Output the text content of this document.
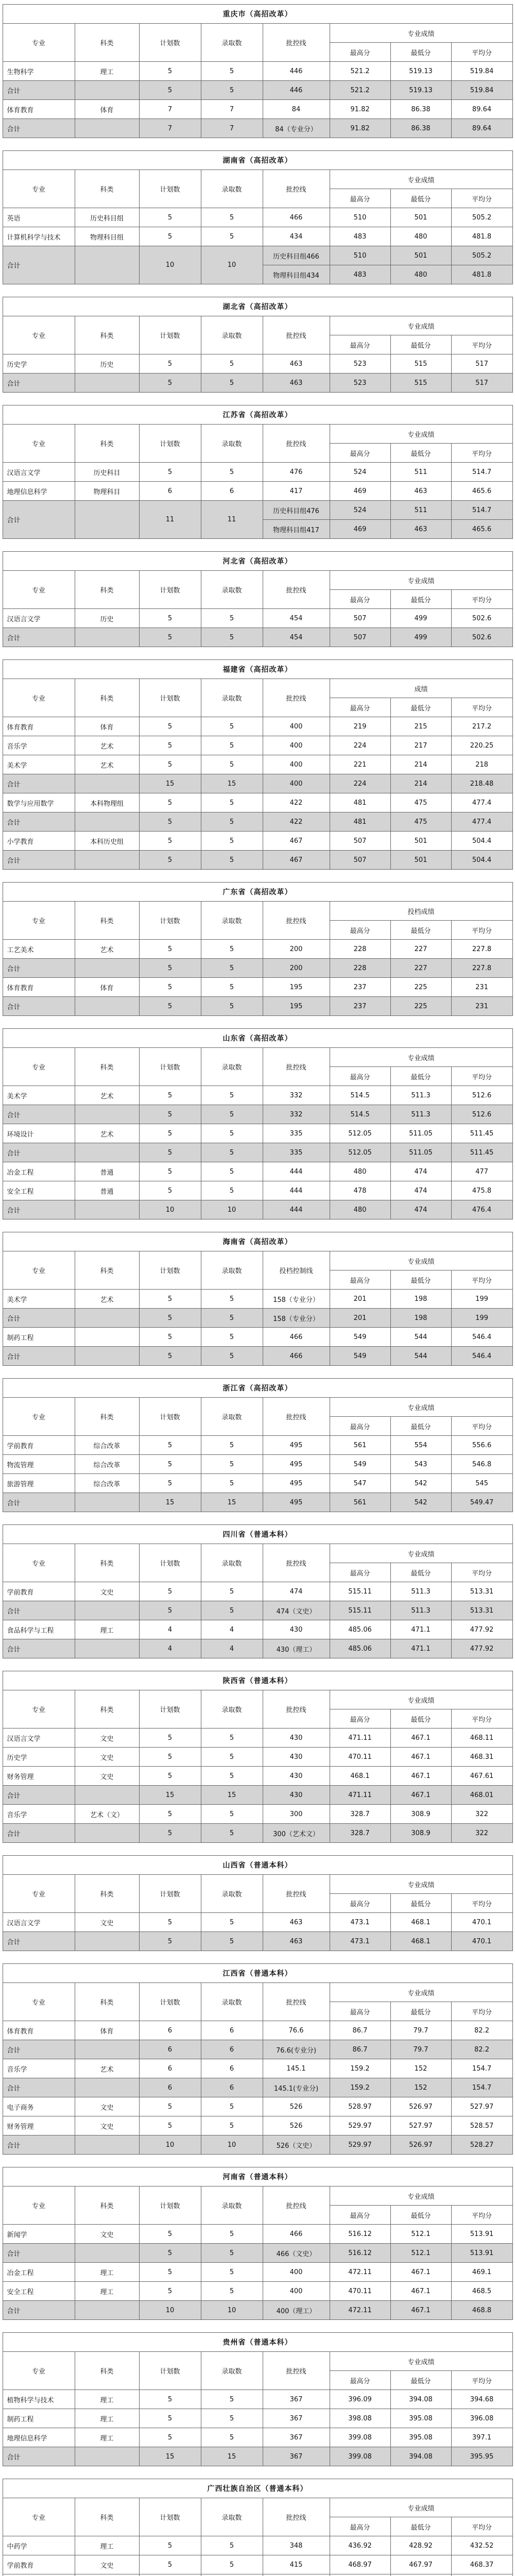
重庆市（高招改革）							
专业	科类	计划数	录取数	批控线	专业成绩		
					最高分	最低分	平均分
生物科学	理工	5	5	446	521.2	519.13	519.84
合计		5	5	446	521.2	519.13	519.84
体育教育	体育	7	7	84	91.82	86.38	89.64
合计		7	7	84（专业分）	91.82	86.38	89.64
湖南省（高招改革）							
专业	科类	计划数	录取数	批控线	专业成绩		
					最高分	最低分	平均分
英语	历史科目组	5	5	466	510	501	505.2
计算机科学与技术	物理科目组	5	5	434	483	480	481.8
合计		10	10	历史科目组466	510	501	505.2
				物理科目组434	483	480	481.8
湖北省（高招改革）							
专业	科类	计划数	录取数	批控线	专业成绩		
					最高分	最低分	平均分
历史学	历史	5	5	463	523	515	517
合计		5	5	463	523	515	517
江苏省（高招改革）							
专业	科类	计划数	录取数	批控线	专业成绩		
					最高分	最低分	平均分
汉语言文学	历史科目	5	5	476	524	511	514.7
地理信息科学	物理科目	6	6	417	469	463	465.6
合计		11	11	历史科目组476	524	511	514.7
				物理科目组417	469	463	465.6
河北省（高招改革）							
专业	科类	计划数	录取数	批控线	专业成绩		
					最高分	最低分	平均分
汉语言文学	历史	5	5	454	507	499	502.6
合计		5	5	454	507	499	502.6
福建省（高招改革）							
专业	科类	计划数	录取数	批控线	成绩		
					最高分	最低分	平均分
体育教育	体育	5	5	400	219	215	217.2
音乐学	艺术	5	5	400	224	217	220.25
美术学	艺术	5	5	400	221	214	218
合计		15	15	400	224	214	218.48
数学与应用数学	本科物理组	5	5	422	481	475	477.4
合计		5	5	422	481	475	477.4
小学教育	本科历史组	5	5	467	507	501	504.4
合计		5	5	467	507	501	504.4
广东省（高招改革）							
专业	科类	计划数	录取数	批控线	投档成绩		
					最高分	最低分	平均分
工艺美术	艺术	5	5	200	228	227	227.8
合计		5	5	200	228	227	227.8
体育教育	体育	5	5	195	237	225	231
合计		5	5	195	237	225	231
山东省（高招改革）							
专业	科类	计划数	录取数	批控线	专业成绩		
					最高分	最低分	平均分
美术学	艺术	5	5	332	514.5	511.3	512.6
合计		5	5	332	514.5	511.3	512.6
环境设计	艺术	5	5	335	512.05	511.05	511.45
合计		5	5	335	512.05	511.05	511.45
冶金工程	普通	5	5	444	480	474	477
安全工程	普通	5	5	444	478	474	475.8
合计		10	10	444	480	474	476.4
海南省（高招改革）							
专业	科类	计划数	录取数	投档控制线	专业成绩		
					最高分	最低分	平均分
美术学	艺术	5	5	158（专业分）	201	198	199
合计		5	5	158（专业分）	201	198	199
制药工程		5	5	466	549	544	546.4
合计		5	5	466	549	544	546.4
浙江省（高招改革）							
专业	科类	计划数	录取数	批控线	专业成绩		
					最高分	最低分	平均分
学前教育	综合改革	5	5	495	561	554	556.6
物流管理	综合改革	5	5	495	549	543	546.8
旅游管理	综合改革	5	5	495	547	542	545
合计		15	15	495	561	542	549.47
四川省（普通本科）							
专业	科类	计划数	录取数	批控线	专业成绩		
					最高分	最低分	平均分
学前教育	文史	5	5	474	515.11	511.3	513.31
合计		5	5	474（文史）	515.11	511.3	513.31
食品科学与工程	理工	4	4	430	485.06	471.1	477.92
合计		4	4	430（理工）	485.06	471.1	477.92
陕西省（普通本科）							
专业	科类	计划数	录取数	批控线	专业成绩		
					最高分	最低分	平均分
汉语言文学	文史	5	5	430	471.11	467.1	468.11
历史学	文史	5	5	430	470.11	467.1	468.31
财务管理	文史	5	5	430	468.1	467.1	467.61
合计		15	15	430	471.11	467.1	468.01
音乐学	艺术（文）	5	5	300	328.7	308.9	322
合计		5	5	300（艺术文）	328.7	308.9	322
山西省（普通本科）							
专业	科类	计划数	录取数	批控线	专业成绩		
					最高分	最低分	平均分
汉语言文学	文史	5	5	463	473.1	468.1	470.1
合计		5	5	463	473.1	468.1	470.1
江西省（普通本科）							
专业	科类	计划数	录取数	批控线	专业成绩		
					最高分	最低分	平均分
体育教育	体育	6	6	76.6	86.7	79.7	82.2
合计		6	6	76.6(专业分)	86.7	79.7	82.2
音乐学	艺术	6	6	145.1	159.2	152	154.7
合计		6	6	145.1(专业分)	159.2	152	154.7
电子商务	文史	5	5	526	528.97	526.97	527.97
财务管理	文史	5	5	526	529.97	527.97	528.57
合计		10	10	526（文史）	529.97	526.97	528.27
河南省（普通本科）							
专业	科类	计划数	录取数	批控线	专业成绩		
					最高分	最低分	平均分
新闻学	文史	5	5	466	516.12	512.1	513.91
合计		5	5	466（文史）	516.12	512.1	513.91
冶金工程	理工	5	5	400	472.11	467.1	469.1
安全工程	理工	5	5	400	470.11	467.1	468.5
合计		10	10	400（理工）	472.11	467.1	468.8
贵州省（普通本科）							
专业	科类	计划数	录取数	批控线	专业成绩		
					最高分	最低分	平均分
植物科学与技术	理工	5	5	367	396.09	394.08	394.68
制药工程	理工	5	5	367	398.08	395.08	396.08
地理信息科学	理工	5	5	367	399.08	395.08	397.1
合计		15	15	367	399.08	394.08	395.95
广西壮族自治区（普通本科）							
专业	科类	计划数	录取数	批控线	专业成绩		
					最高分	最低分	平均分
中药学	理工	5	5	348	436.92	428.92	432.52
学前教育	文史	5	5	415	468.97	467.97	468.37
